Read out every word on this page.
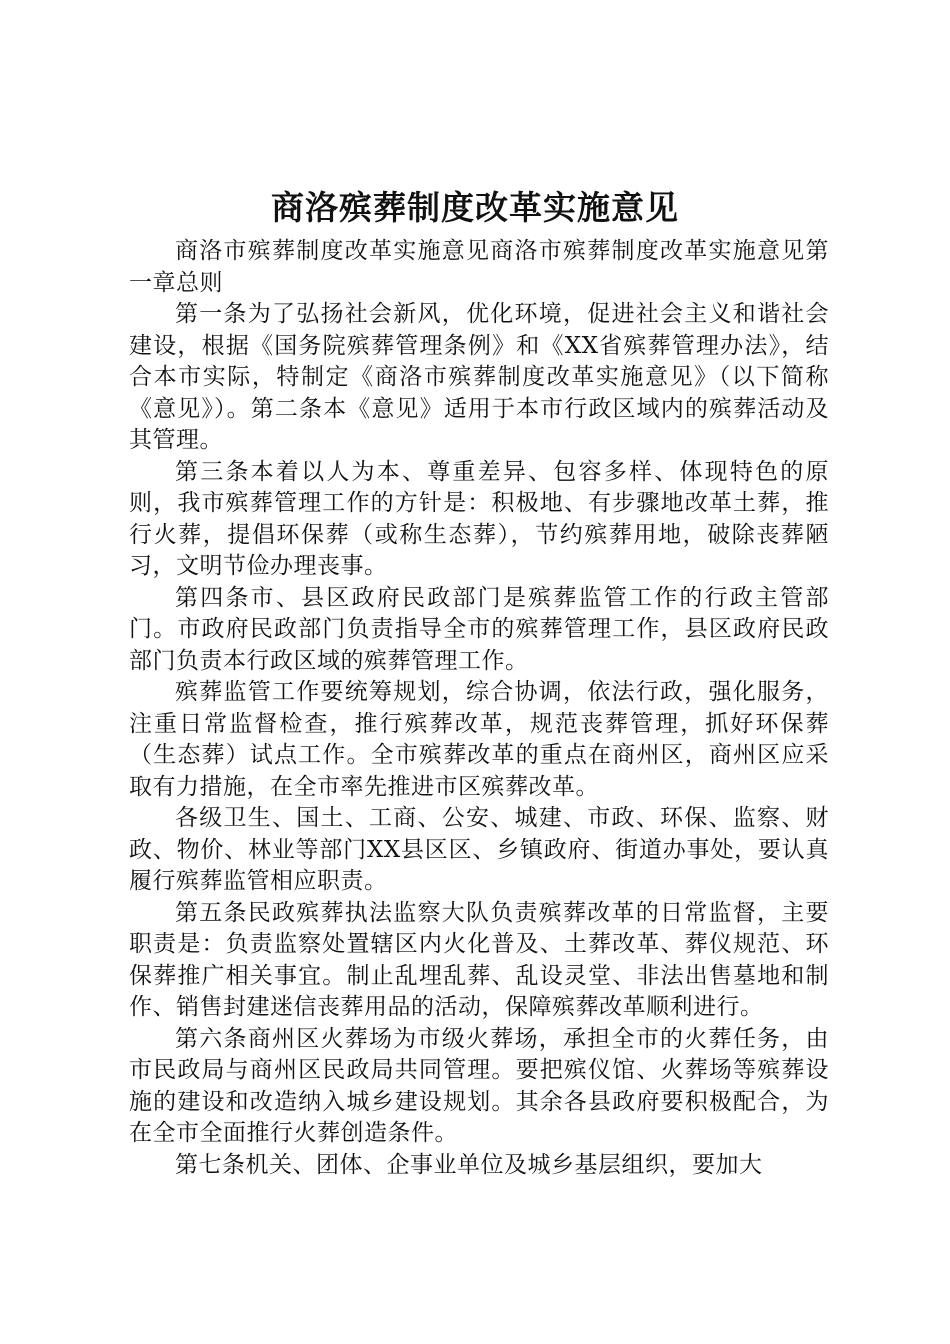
商洛殡葬制度改革实施意见

商洛市殡葬制度改革实施意见商洛市殡葬制度改革实施意见第一章总则

第一条为了弘扬社会新风，优化环境，促进社会主义和谐社会建设，根据《国务院殡葬管理条例》和《XX省殡葬管理办法》，结合本市实际，特制定《商洛市殡葬制度改革实施意见》（以下简称《意见》）。第二条本《意见》适用于本市行政区域内的殡葬活动及其管理。

第三条本着以人为本、尊重差异、包容多样、体现特色的原则，我市殡葬管理工作的方针是：积极地、有步骤地改革土葬，推行火葬，提倡环保葬（或称生态葬），节约殡葬用地，破除丧葬陋习，文明节俭办理丧事。

第四条市、县区政府民政部门是殡葬监管工作的行政主管部门。市政府民政部门负责指导全市的殡葬管理工作，县区政府民政部门负责本行政区域的殡葬管理工作。

殡葬监管工作要统筹规划，综合协调，依法行政，强化服务，注重日常监督检查，推行殡葬改革，规范丧葬管理，抓好环保葬（生态葬）试点工作。全市殡葬改革的重点在商州区，商州区应采取有力措施，在全市率先推进市区殡葬改革。

各级卫生、国土、工商、公安、城建、市政、环保、监察、财政、物价、林业等部门XX县区区、乡镇政府、街道办事处，要认真履行殡葬监管相应职责。

第五条民政殡葬执法监察大队负责殡葬改革的日常监督，主要职责是：负责监察处置辖区内火化普及、土葬改革、葬仪规范、环保葬推广相关事宜。制止乱埋乱葬、乱设灵堂、非法出售墓地和制作、销售封建迷信丧葬用品的活动，保障殡葬改革顺利进行。

第六条商州区火葬场为市级火葬场，承担全市的火葬任务，由市民政局与商州区民政局共同管理。要把殡仪馆、火葬场等殡葬设施的建设和改造纳入城乡建设规划。其余各县政府要积极配合，为在全市全面推行火葬创造条件。

第七条机关、团体、企事业单位及城乡基层组织，要加大
